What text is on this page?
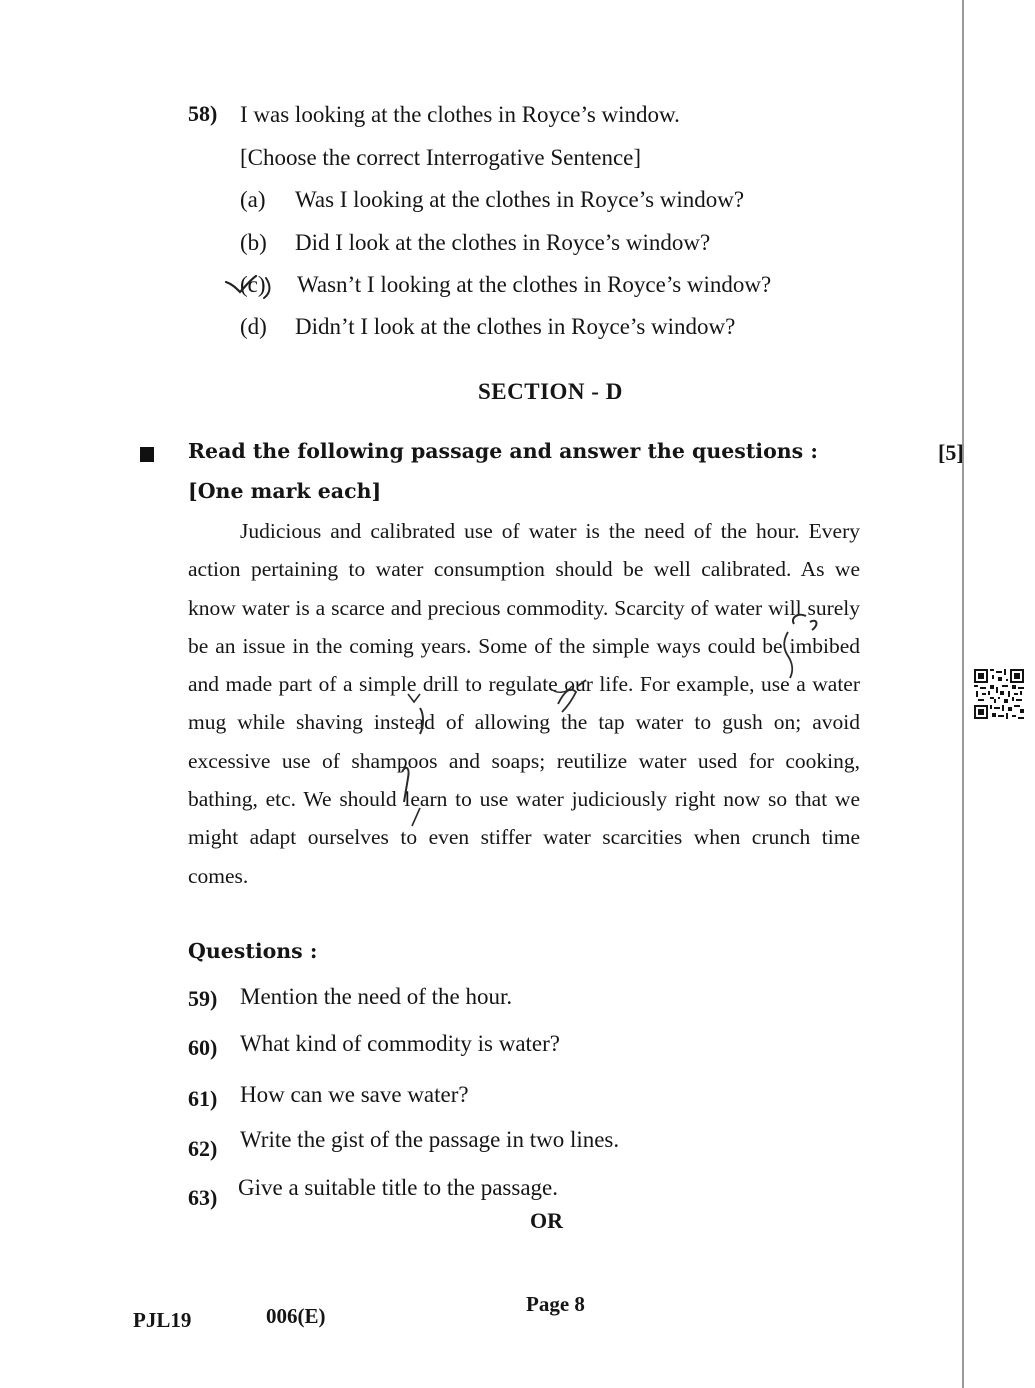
58) I was looking at the clothes in Royce’s window.
[Choose the correct Interrogative Sentence]
(a) Was I looking at the clothes in Royce’s window?
(b) Did I look at the clothes in Royce’s window?
(c) Wasn’t I looking at the clothes in Royce’s window?
(d) Didn’t I look at the clothes in Royce’s window?
SECTION - D
Read the following passage and answer the questions :
[One mark each]
[5]

Judicious and calibrated use of water is the need of the hour. Every action pertaining to water consumption should be well calibrated. As we know water is a scarce and precious commodity. Scarcity of water will surely be an issue in the coming years. Some of the simple ways could be imbibed and made part of a simple drill to regulate our life. For example, use a water mug while shaving instead of allowing the tap water to gush on; avoid excessive use of shampoos and soaps; reutilize water used for cooking, bathing, etc. We should learn to use water judiciously right now so that we might adapt ourselves to even stiffer water scarcities when crunch time comes.

Questions :
59) Mention the need of the hour.
60) What kind of commodity is water?
61) How can we save water?
62) Write the gist of the passage in two lines.
63) Give a suitable title to the passage.
OR
PJL19	006(E)	Page 8
